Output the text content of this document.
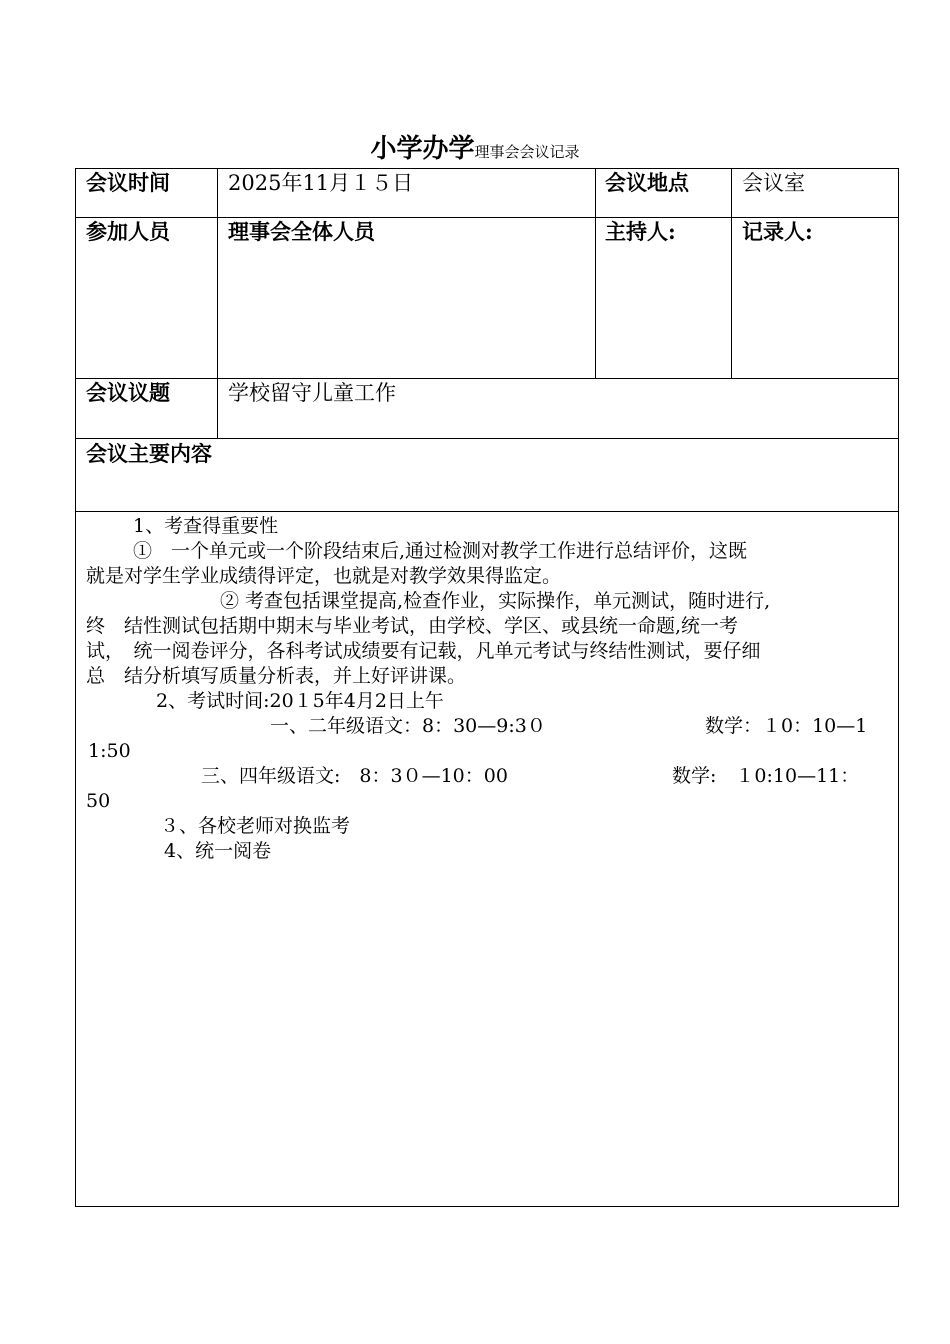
小学办学理事会会议记录
会议时间	2025年11月１５日	会议地点	会议室
参加人员	理事会全体人员	主持人:	记录人:
会议议题	学校留守儿童工作
会议主要内容
1、考查得重要性
①　一个单元或一个阶段结束后,通过检测对教学工作进行总结评价，这既
就是对学生学业成绩得评定，也就是对教学效果得监定。
② 考查包括课堂提高,检查作业，实际操作，单元测试，随时进行,
终　结性测试包括期中期末与毕业考试，由学校、学区、或县统一命题,统一考
试，　统一阅卷评分，各科考试成绩要有记载，凡单元考试与终结性测试，要仔细
总　结分析填写质量分析表，并上好评讲课。
2、考试时间:20１5年4月2日上午
一、二年级语文：8：30—9:3０	数学：１0：10—1
1:50
三、四年级语文:　8：3０—10：00	数学:　１0:10—11：
50
３、各校老师对换监考
4、统一阅卷
